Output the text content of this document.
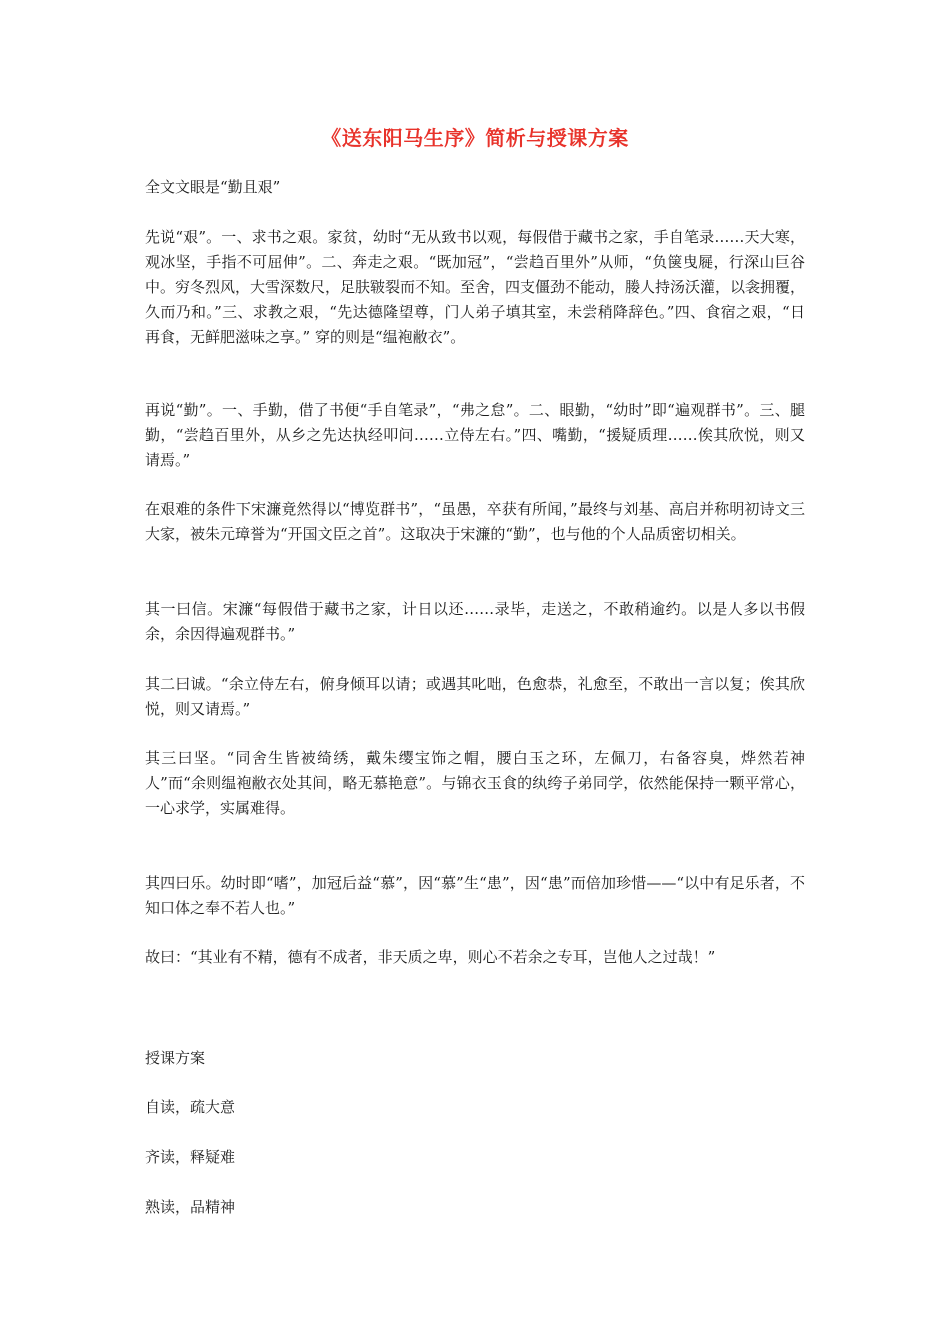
《送东阳马生序》简析与授课方案

全文文眼是“勤且艰”

先说“艰”。一、求书之艰。家贫，幼时“无从致书以观，每假借于藏书之家，手自笔录……天大寒，观冰坚，手指不可屈伸”。二、奔走之艰。“既加冠”，“尝趋百里外”从师，“负箧曳屣，行深山巨谷中。穷冬烈风，大雪深数尺，足肤皲裂而不知。至舍，四支僵劲不能动，媵人持汤沃灌，以衾拥覆，久而乃和。”三、求教之艰，“先达德隆望尊，门人弟子填其室，未尝稍降辞色。”四、食宿之艰，“日再食，无鲜肥滋味之享。” 穿的则是“缊袍敝衣”。

再说“勤”。一、手勤，借了书便“手自笔录”，“弗之怠”。二、眼勤，“幼时”即“遍观群书”。三、腿勤，“尝趋百里外，从乡之先达执经叩问……立侍左右。”四、嘴勤，“援疑质理……俟其欣悦，则又请焉。”

在艰难的条件下宋濂竟然得以“博览群书”，“虽愚，卒获有所闻，”最终与刘基、高启并称明初诗文三大家，被朱元璋誉为“开国文臣之首”。这取决于宋濂的“勤”，也与他的个人品质密切相关。

其一曰信。宋濂“每假借于藏书之家，计日以还……录毕，走送之，不敢稍逾约。以是人多以书假余，余因得遍观群书。”

其二曰诚。“余立侍左右，俯身倾耳以请；或遇其叱咄，色愈恭，礼愈至，不敢出一言以复；俟其欣悦，则又请焉。”

其三曰坚。“同舍生皆被绮绣，戴朱缨宝饰之帽，腰白玉之环，左佩刀，右备容臭，烨然若神人”而“余则缊袍敝衣处其间，略无慕艳意”。与锦衣玉食的纨绔子弟同学，依然能保持一颗平常心，一心求学，实属难得。

其四曰乐。幼时即“嗜”，加冠后益“慕”，因“慕”生“患”，因“患”而倍加珍惜——“以中有足乐者，不知口体之奉不若人也。”

故曰：“其业有不精，德有不成者，非天质之卑，则心不若余之专耳，岂他人之过哉！”

授课方案

自读，疏大意

齐读，释疑难

熟读，品精神
